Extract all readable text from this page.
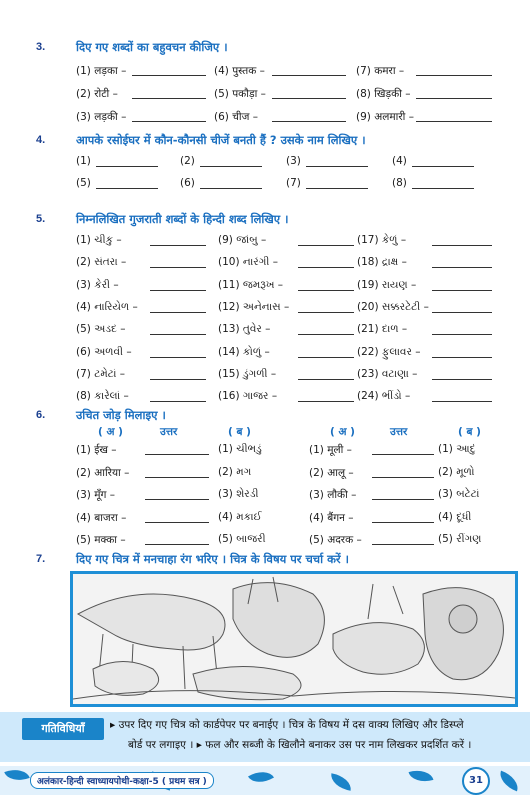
3.	दिए गए शब्दों का बहुवचन कीजिए ।
(1) लड़का –
(2) रोटी –
(3) लड़की –
(4) पुस्तक –
(5) पकौड़ा –
(6) चीज –
(7) कमरा –
(8) खिड़की –
(9) अलमारी –
4.	आपके रसोईघर में कौन-कौनसी चीजें बनती हैं ? उसके नाम लिखिए ।
(1)	(2)	(3)	(4)
(5)	(6)	(7)	(8)
5.	निम्नलिखित गुजराती शब्दों के हिन्दी शब्द लिखिए ।
(1) ચીકુ –	(9) જાંબુ –	(17) કેળું –
(2) સંતરા –	(10) નારંગી –	(18) દ્રાક્ષ –
(3) કેરી –	(11) જમરૂખ –	(19) રાયણ –
(4) નારિયેળ –	(12) અનેનાસ –	(20) સક્કરટેટી –
(5) અડદ –	(13) તુવેર –	(21) દાળ –
(6) અળવી –	(14) કોળું –	(22) ફુલાવર –
(7) ટમેટાં –	(15) ડુંગળી –	(23) વટાણા –
(8) કારેલાં –	(16) ગાજર –	(24) ભીંડો –
6.	उचित जोड़ मिलाइए ।
( अ )	उत्तर	( ब )	( अ )	उत्तर	( ब )
(1) ईख –	(1) ચીભડું	(1) मूली –	(1) આદું
(2) आरिया –	(2) મગ	(2) आलू –	(2) મૂળો
(3) मूँग –	(3) શેરડી	(3) लौकी –	(3) બટેટાં
(4) बाजरा –	(4) મકાઈ	(4) बैंगन –	(4) દૂધી
(5) मक्का –	(5) બાજરી	(5) अदरक –	(5) રીંગણ
7.	दिए गए चित्र में मनचाहा रंग भरिए । चित्र के विषय पर चर्चा करें ।
गतिविधियाँ	▸ उपर दिए गए चित्र को कार्डपेपर पर बनाईए । चित्र के विषय में दस वाक्य लिखिए और डिस्प्ले
बोर्ड पर लगाइए । ▸ फल और सब्जी के खिलौने बनाकर उस पर नाम लिखकर प्रदर्शित करें ।
अलंकार-हिन्दी स्वाध्यायपोथी-कक्षा-5 ( प्रथम सत्र )	31
